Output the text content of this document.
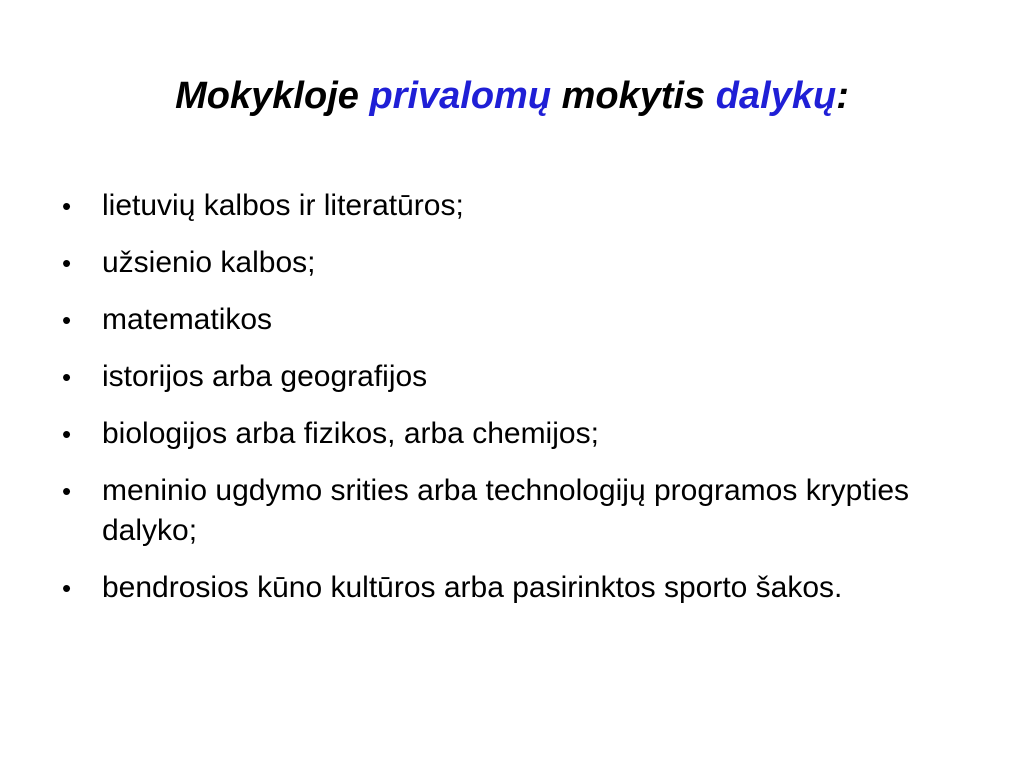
Mokykloje privalomų mokytis dalykų:
• lietuvių kalbos ir literatūros;
• užsienio kalbos;
• matematikos
• istorijos arba geografijos
• biologijos arba fizikos, arba chemijos;
• meninio ugdymo srities arba technologijų programos krypties dalyko;
• bendrosios kūno kultūros arba pasirinktos sporto šakos.
